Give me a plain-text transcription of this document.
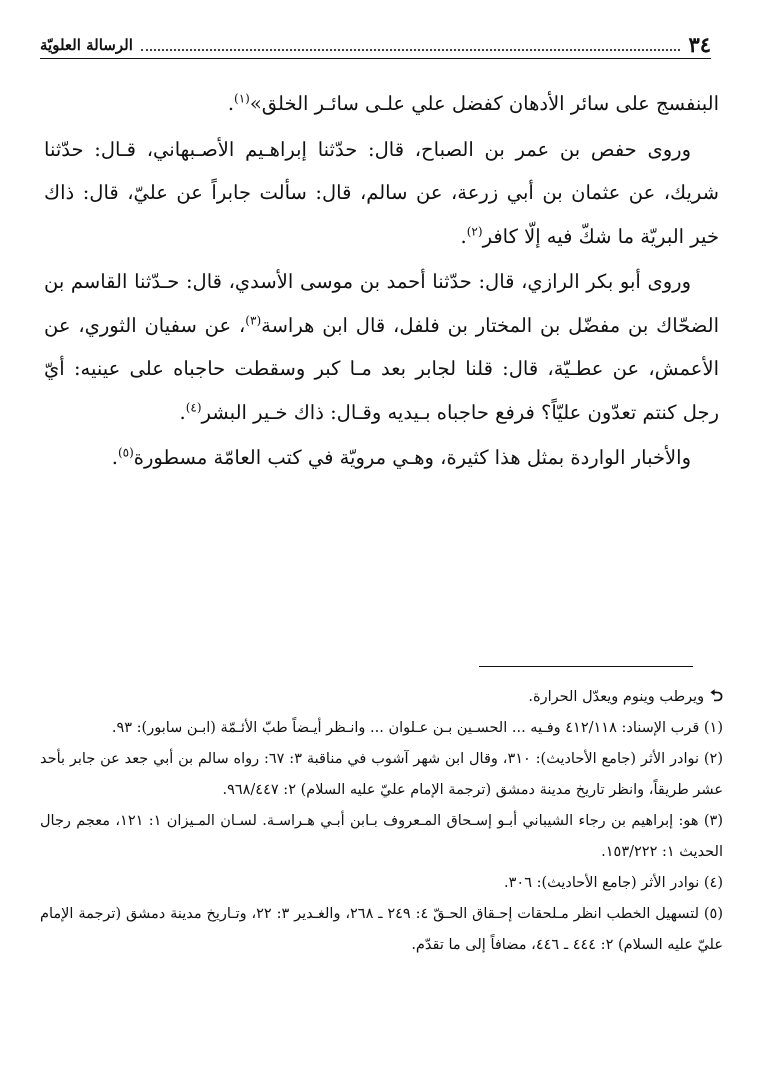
٣٤
الرسالة العلويّة

البنفسج على سائر الأدهان كفضل علي علـى سائـر الخلق»$^{(١)}$.

وروى حفص بن عمر بن الصباح، قال: حدّثنا إبراهـيم الأصـبهاني، قـال: حدّثنا شريك، عن عثمان بن أبي زرعة، عن سالم، قال: سألت جابراً عن عليّ، قال: ذاك خير البريّة ما شكّ فيه إلّا كافر$^{(٢)}$.

وروى أبو بكر الرازي، قال: حدّثنا أحمد بن موسى الأسدي، قال: حـدّثنا القاسم بن الضحّاك بن مفضّل بن المختار بن فلفل، قال ابن هراسة$^{(٣)}$، عن سفيان الثوري، عن الأعمش، عن عطـيّة، قال: قلنا لجابر بعد مـا كبر وسقطت حاجباه على عينيه: أيّ رجل كنتم تعدّون عليّاً؟ فرفع حاجباه بـيديه وقـال: ذاك خـير البشر$^{(٤)}$.

والأخبار الواردة بمثل هذا كثيرة، وهـي مرويّة في كتب العامّة مسطورة$^{(٥)}$.

⮌ويرطب وينوم ويعدّل الحرارة.

(١) قرب الإسناد: ٤١٢/١١٨ وفـيه ... الحسـين بـن عـلوان ... وانـظر أيـضاً طبّ الأئـمّة (ابـن سابور): ٩٣.

(٢) نوادر الأثر (جامع الأحاديث): ٣١٠، وقال ابن شهر آشوب في مناقبة ٣: ٦٧: رواه سالم بن أبي جعد عن جابر بأحد عشر طريقاً، وانظر تاريخ مدينة دمشق (ترجمة الإمام عليّ عليه السلام) ٢: ٩٦٨/٤٤٧.

(٣) هو: إبراهيم بن رجاء الشيباني أبـو إسـحاق المـعروف بـابن أبـي هـراسـة. لسـان المـيزان ١: ١٢١، معجم رجال الحديث ١: ١٥٣/٢٢٢.

(٤) نوادر الأثر (جامع الأحاديث): ٣٠٦.

(٥) لتسهيل الخطب انظر مـلحقات إحـقاق الحـقّ ٤: ٢٤٩ ـ ٢٦٨، والغـدير ٣: ٢٢، وتـاريخ مدينة دمشق (ترجمة الإمام عليّ عليه السلام) ٢: ٤٤٤ ـ ٤٤٦، مضافاً إلى ما تقدّم.
